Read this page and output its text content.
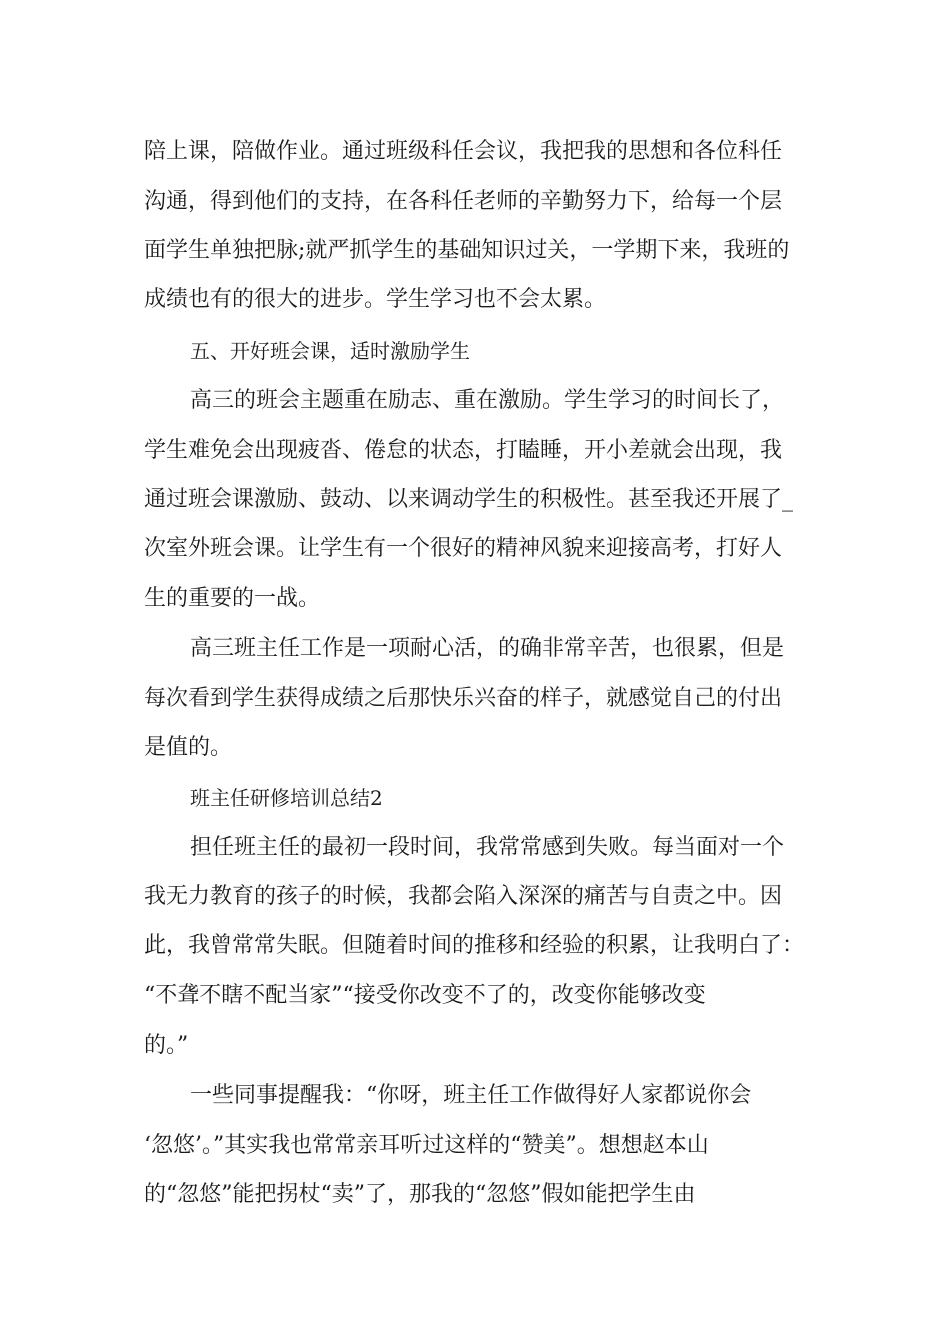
陪上课，陪做作业。通过班级科任会议，我把我的思想和各位科任
沟通，得到他们的支持，在各科任老师的辛勤努力下，给每一个层
面学生单独把脉;就严抓学生的基础知识过关，一学期下来，我班的
成绩也有的很大的进步。学生学习也不会太累。
五、开好班会课，适时激励学生
高三的班会主题重在励志、重在激励。学生学习的时间长了，
学生难免会出现疲沓、倦怠的状态，打瞌睡，开小差就会出现，我
通过班会课激励、鼓动、以来调动学生的积极性。甚至我还开展了_
次室外班会课。让学生有一个很好的精神风貌来迎接高考，打好人
生的重要的一战。
高三班主任工作是一项耐心活，的确非常辛苦，也很累，但是
每次看到学生获得成绩之后那快乐兴奋的样子，就感觉自己的付出
是值的。
班主任研修培训总结2
担任班主任的最初一段时间，我常常感到失败。每当面对一个
我无力教育的孩子的时候，我都会陷入深深的痛苦与自责之中。因
此，我曾常常失眠。但随着时间的推移和经验的积累，让我明白了：
“不聋不瞎不配当家”“接受你改变不了的，改变你能够改变
的。”
一些同事提醒我：“你呀，班主任工作做得好人家都说你会
‘忽悠’。”其实我也常常亲耳听过这样的“赞美”。想想赵本山
的“忽悠”能把拐杖“卖”了，那我的“忽悠”假如能把学生由
